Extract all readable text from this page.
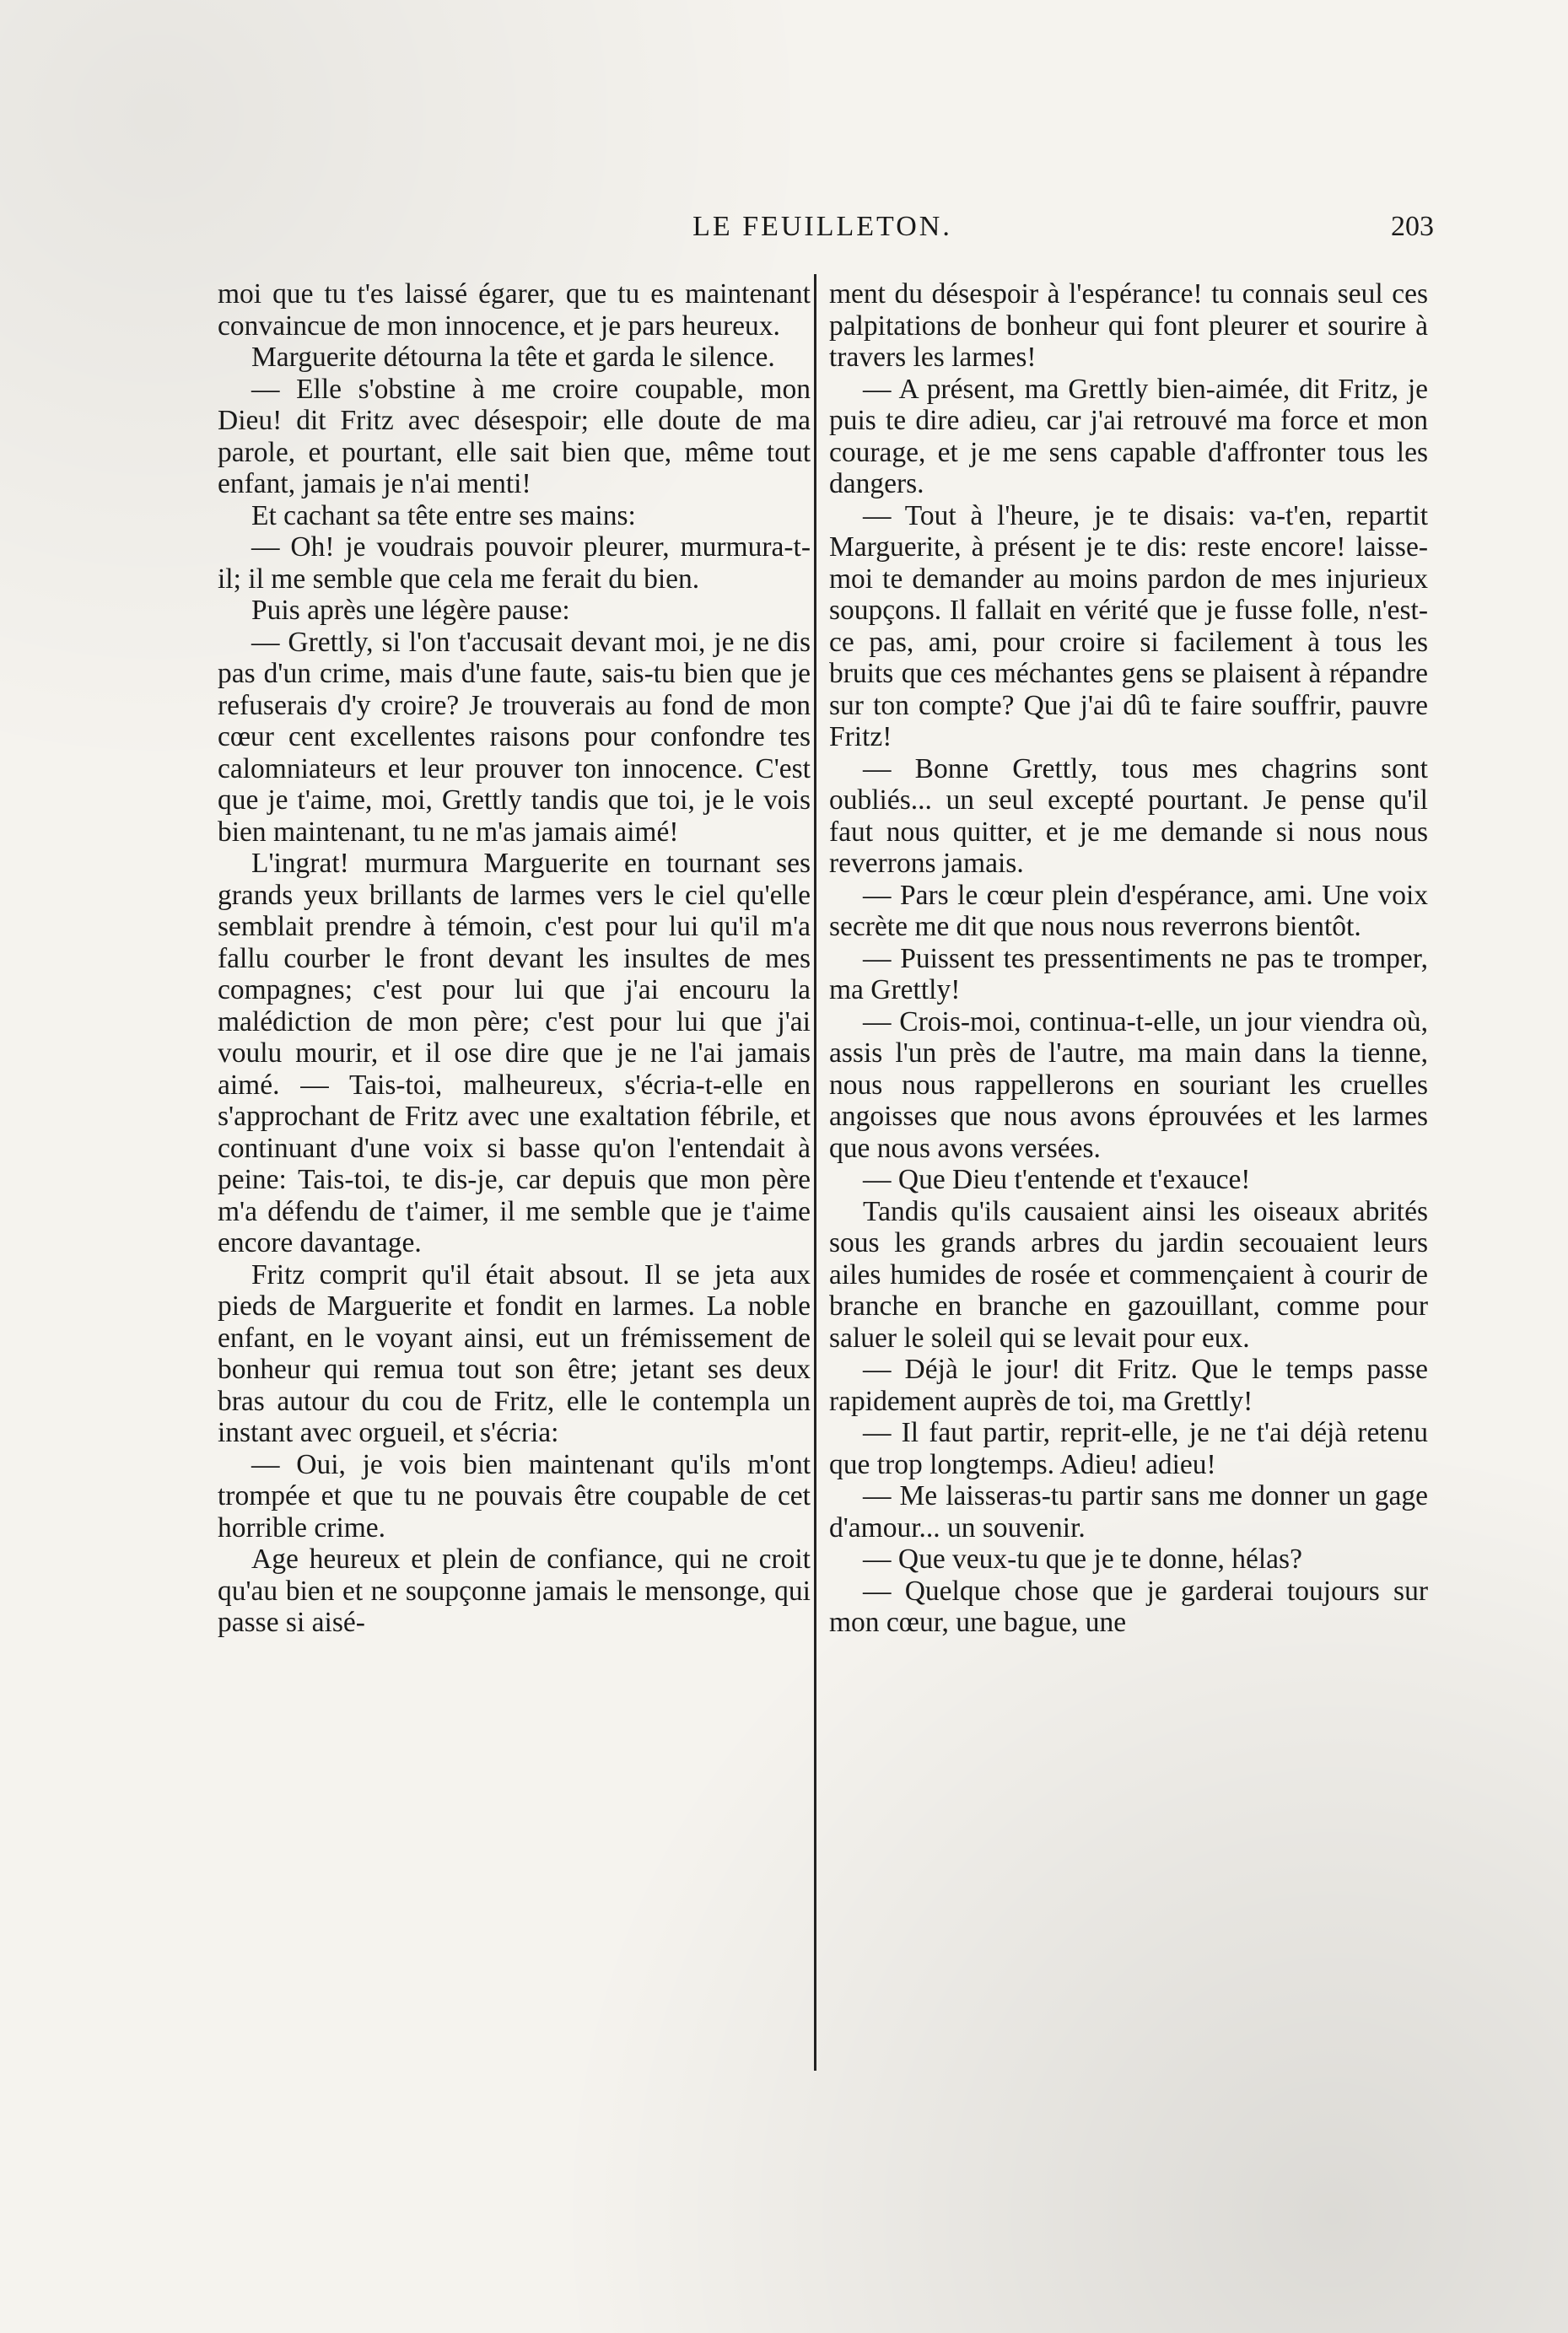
LE FEUILLETON.	203

moi que tu t'es laissé égarer, que tu es maintenant convaincue de mon innocence, et je pars heureux.

Marguerite détourna la tête et garda le silence.

— Elle s'obstine à me croire coupable, mon Dieu! dit Fritz avec désespoir; elle doute de ma parole, et pourtant, elle sait bien que, même tout enfant, jamais je n'ai menti!

Et cachant sa tête entre ses mains:

— Oh! je voudrais pouvoir pleurer, murmura-t-il; il me semble que cela me ferait du bien.

Puis après une légère pause:

— Grettly, si l'on t'accusait devant moi, je ne dis pas d'un crime, mais d'une faute, sais-tu bien que je refuserais d'y croire? Je trouverais au fond de mon cœur cent excellentes raisons pour confondre tes calomniateurs et leur prouver ton innocence. C'est que je t'aime, moi, Grettly tandis que toi, je le vois bien maintenant, tu ne m'as jamais aimé!

L'ingrat! murmura Marguerite en tournant ses grands yeux brillants de larmes vers le ciel qu'elle semblait prendre à témoin, c'est pour lui qu'il m'a fallu courber le front devant les insultes de mes compagnes; c'est pour lui que j'ai encouru la malédiction de mon père; c'est pour lui que j'ai voulu mourir, et il ose dire que je ne l'ai jamais aimé. — Tais-toi, malheureux, s'écria-t-elle en s'approchant de Fritz avec une exaltation fébrile, et continuant d'une voix si basse qu'on l'entendait à peine: Tais-toi, te dis-je, car depuis que mon père m'a défendu de t'aimer, il me semble que je t'aime encore davantage.

Fritz comprit qu'il était absout. Il se jeta aux pieds de Marguerite et fondit en larmes. La noble enfant, en le voyant ainsi, eut un frémissement de bonheur qui remua tout son être; jetant ses deux bras autour du cou de Fritz, elle le contempla un instant avec orgueil, et s'écria:

— Oui, je vois bien maintenant qu'ils m'ont trompée et que tu ne pouvais être coupable de cet horrible crime.

Age heureux et plein de confiance, qui ne croit qu'au bien et ne soupçonne jamais le mensonge, qui passe si aisé-

ment du désespoir à l'espérance! tu connais seul ces palpitations de bonheur qui font pleurer et sourire à travers les larmes!

— A présent, ma Grettly bien-aimée, dit Fritz, je puis te dire adieu, car j'ai retrouvé ma force et mon courage, et je me sens capable d'affronter tous les dangers.

— Tout à l'heure, je te disais: va-t'en, repartit Marguerite, à présent je te dis: reste encore! laisse-moi te demander au moins pardon de mes injurieux soupçons. Il fallait en vérité que je fusse folle, n'est-ce pas, ami, pour croire si facilement à tous les bruits que ces méchantes gens se plaisent à répandre sur ton compte? Que j'ai dû te faire souffrir, pauvre Fritz!

— Bonne Grettly, tous mes chagrins sont oubliés... un seul excepté pourtant. Je pense qu'il faut nous quitter, et je me demande si nous nous reverrons jamais.

— Pars le cœur plein d'espérance, ami. Une voix secrète me dit que nous nous reverrons bientôt.

— Puissent tes pressentiments ne pas te tromper, ma Grettly!

— Crois-moi, continua-t-elle, un jour viendra où, assis l'un près de l'autre, ma main dans la tienne, nous nous rappellerons en souriant les cruelles angoisses que nous avons éprouvées et les larmes que nous avons versées.

— Que Dieu t'entende et t'exauce!

Tandis qu'ils causaient ainsi les oiseaux abrités sous les grands arbres du jardin secouaient leurs ailes humides de rosée et commençaient à courir de branche en branche en gazouillant, comme pour saluer le soleil qui se levait pour eux.

— Déjà le jour! dit Fritz. Que le temps passe rapidement auprès de toi, ma Grettly!

— Il faut partir, reprit-elle, je ne t'ai déjà retenu que trop longtemps. Adieu! adieu!

— Me laisseras-tu partir sans me donner un gage d'amour... un souvenir.

— Que veux-tu que je te donne, hélas?

— Quelque chose que je garderai toujours sur mon cœur, une bague, une
